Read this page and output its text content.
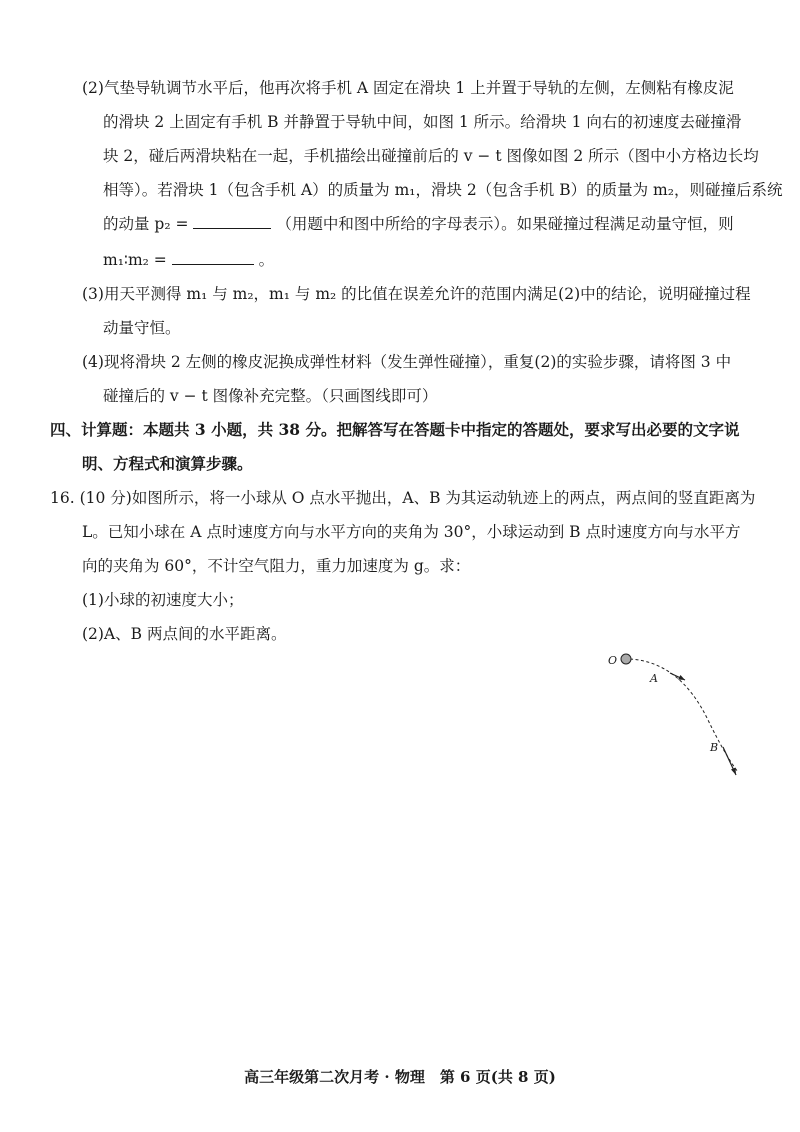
(2)气垫导轨调节水平后，他再次将手机 A 固定在滑块 1 上并置于导轨的左侧，左侧粘有橡皮泥
的滑块 2 上固定有手机 B 并静置于导轨中间，如图 1 所示。给滑块 1 向右的初速度去碰撞滑
块 2，碰后两滑块粘在一起，手机描绘出碰撞前后的 v − t 图像如图 2 所示（图中小方格边长均
相等）。若滑块 1（包含手机 A）的质量为 m₁，滑块 2（包含手机 B）的质量为 m₂，则碰撞后系统
的动量 p₂ =	（用题中和图中所给的字母表示）。如果碰撞过程满足动量守恒，则
m₁∶m₂ =	。
(3)用天平测得 m₁ 与 m₂，m₁ 与 m₂ 的比值在误差允许的范围内满足(2)中的结论，说明碰撞过程
动量守恒。
(4)现将滑块 2 左侧的橡皮泥换成弹性材料（发生弹性碰撞），重复(2)的实验步骤，请将图 3 中
碰撞后的 v − t 图像补充完整。（只画图线即可）
四、计算题：本题共 3 小题，共 38 分。把解答写在答题卡中指定的答题处，要求写出必要的文字说
明、方程式和演算步骤。
16. (10 分)如图所示，将一小球从 O 点水平抛出，A、B 为其运动轨迹上的两点，两点间的竖直距离为
L。已知小球在 A 点时速度方向与水平方向的夹角为 30°，小球运动到 B 点时速度方向与水平方
向的夹角为 60°，不计空气阻力，重力加速度为 g。求：
(1)小球的初速度大小；
(2)A、B 两点间的水平距离。
O
A
B
高三年级第二次月考 · 物理　第 6 页(共 8 页)
